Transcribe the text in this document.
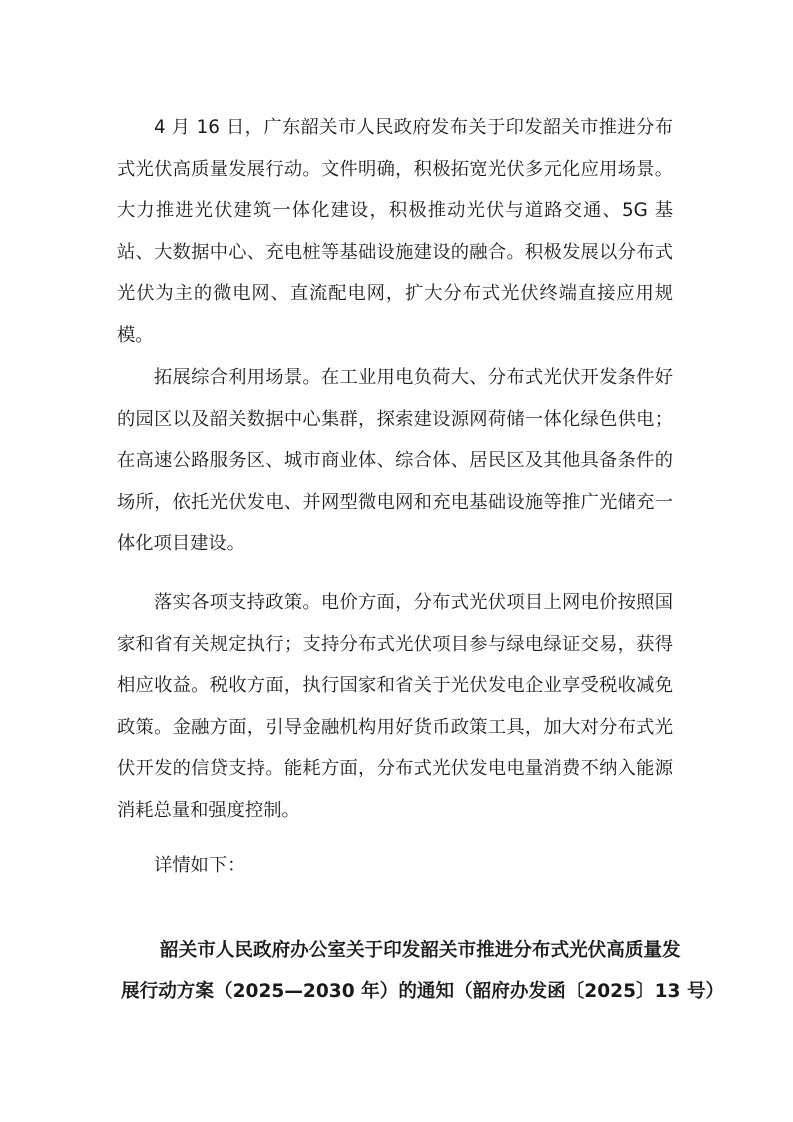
4 月 16 日，广东韶关市人民政府发布关于印发韶关市推进分布式光伏高质量发展行动。文件明确，积极拓宽光伏多元化应用场景。大力推进光伏建筑一体化建设，积极推动光伏与道路交通、5G 基站、大数据中心、充电桩等基础设施建设的融合。积极发展以分布式光伏为主的微电网、直流配电网，扩大分布式光伏终端直接应用规模。

拓展综合利用场景。在工业用电负荷大、分布式光伏开发条件好的园区以及韶关数据中心集群，探索建设源网荷储一体化绿色供电；在高速公路服务区、城市商业体、综合体、居民区及其他具备条件的场所，依托光伏发电、并网型微电网和充电基础设施等推广光储充一体化项目建设。

落实各项支持政策。电价方面，分布式光伏项目上网电价按照国家和省有关规定执行；支持分布式光伏项目参与绿电绿证交易，获得相应收益。税收方面，执行国家和省关于光伏发电企业享受税收减免政策。金融方面，引导金融机构用好货币政策工具，加大对分布式光伏开发的信贷支持。能耗方面，分布式光伏发电电量消费不纳入能源消耗总量和强度控制。

详情如下：

韶关市人民政府办公室关于印发韶关市推进分布式光伏高质量发
展行动方案（2025—2030 年）的通知（韶府办发函〔2025〕13 号）
